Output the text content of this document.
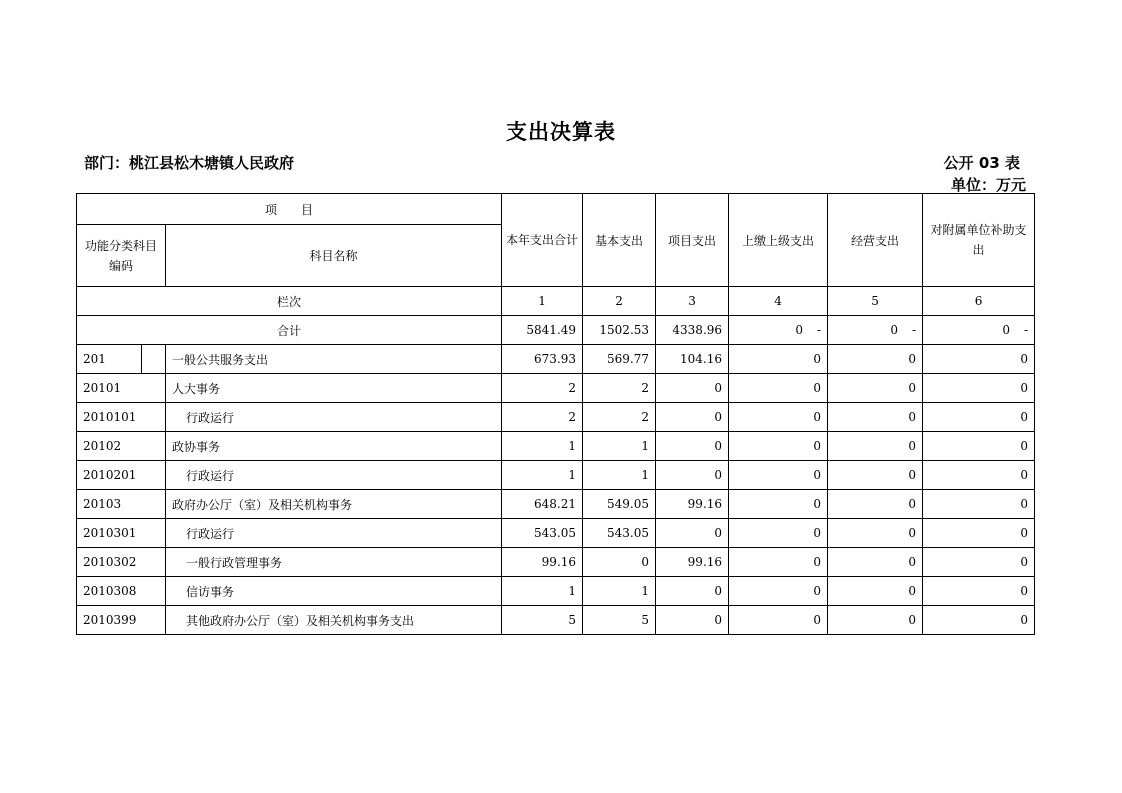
支出决算表
部门：桃江县松木塘镇人民政府	公开 03 表
单位：万元
项　　目			本年支出合计	基本支出	项目支出	上缴上级支出	经营支出	对附属单位补助支出
功能分类科目编码		科目名称						
栏次			1	2	3	4	5	6
合计			5841.49	1502.53	4338.96	0 -	0 -	0 -
201		一般公共服务支出	673.93	569.77	104.16	0	0	0
20101		人大事务	2	2	0	0	0	0
2010101		行政运行	2	2	0	0	0	0
20102		政协事务	1	1	0	0	0	0
2010201		行政运行	1	1	0	0	0	0
20103		政府办公厅（室）及相关机构事务	648.21	549.05	99.16	0	0	0
2010301		行政运行	543.05	543.05	0	0	0	0
2010302		一般行政管理事务	99.16	0	99.16	0	0	0
2010308		信访事务	1	1	0	0	0	0
2010399		其他政府办公厅（室）及相关机构事务支出	5	5	0	0	0	0
